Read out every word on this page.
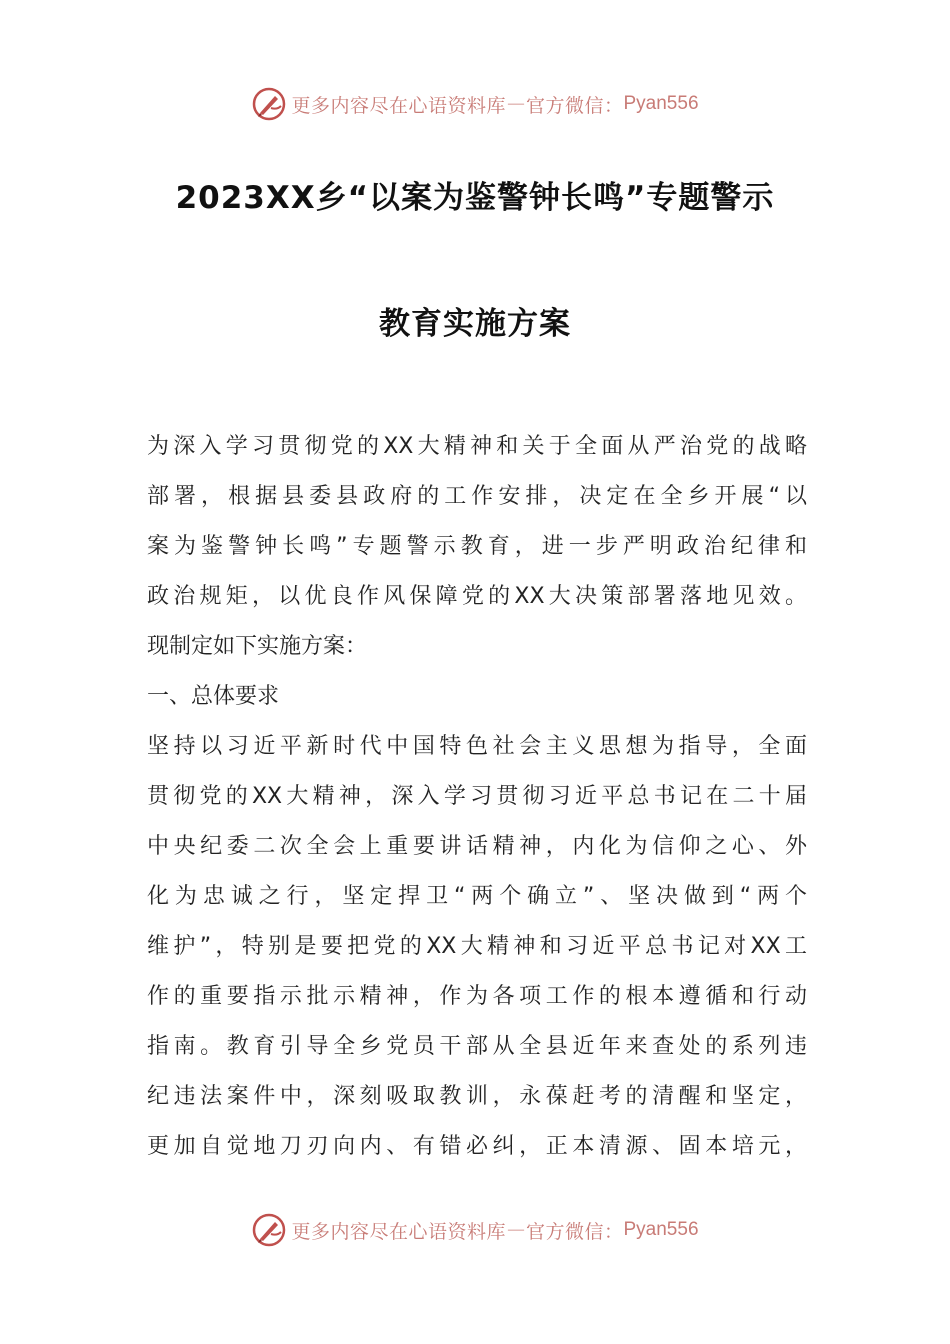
更多内容尽在心语资料库 — 官方微信： Pyan556
2023XX乡“以案为鉴警钟长鸣”专题警示
教育实施方案
为深入学习贯彻党的XX大精神和关于全面从严治党的战略
部署，根据县委县政府的工作安排，决定在全乡开展“以
案为鉴警钟长鸣”专题警示教育，进一步严明政治纪律和
政治规矩，以优良作风保障党的XX大决策部署落地见效。
现制定如下实施方案：
一、总体要求
坚持以习近平新时代中国特色社会主义思想为指导，全面
贯彻党的XX大精神，深入学习贯彻习近平总书记在二十届
中央纪委二次全会上重要讲话精神，内化为信仰之心、外
化为忠诚之行，坚定捍卫“两个确立”、坚决做到“两个
维护”，特别是要把党的XX大精神和习近平总书记对XX工
作的重要指示批示精神，作为各项工作的根本遵循和行动
指南。教育引导全乡党员干部从全县近年来查处的系列违
纪违法案件中，深刻吸取教训，永葆赶考的清醒和坚定，
更加自觉地刀刃向内、有错必纠，正本清源、固本培元，
更多内容尽在心语资料库 — 官方微信： Pyan556
